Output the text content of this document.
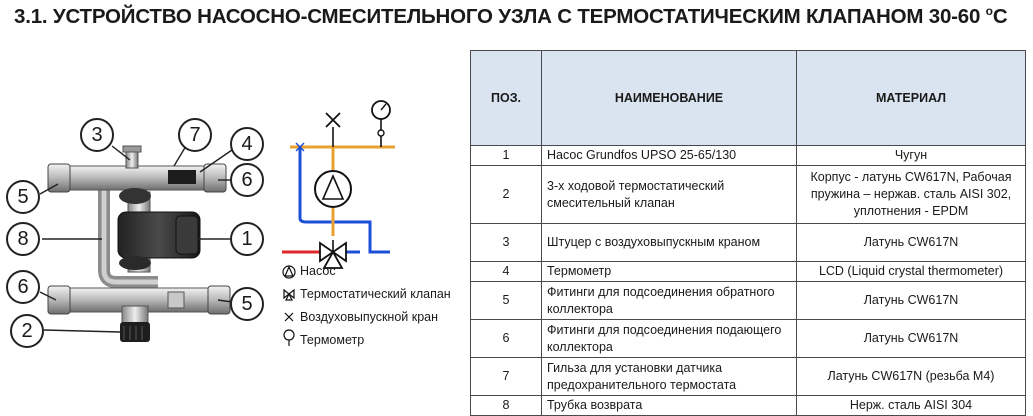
3.1. УСТРОЙСТВО НАСОСНО-СМЕСИТЕЛЬНОГО УЗЛА С ТЕРМОСТАТИЧЕСКИМ КЛАПАНОМ 30-60 $^о$С
3	7	4
5
6
8	1
6
5
2
Насос
Термостатический клапан
Воздуховыпускной кран
Термометр
ПОЗ.	НАИМЕНОВАНИЕ	МАТЕРИАЛ
1	Насос Grundfos UPSO 25-65/130	Чугун
2	3-х ходовой термостатический смесительный клапан	Корпус - латунь CW617N, Рабочая пружина – нержав. сталь AISI 302, уплотнения - EPDM
3	Штуцер с воздуховыпускным краном	Латунь CW617N
4	Термометр	LCD (Liquid crystal thermometer)
5	Фитинги для подсоединения обратного коллектора	Латунь CW617N
6	Фитинги для подсоединения подающего коллектора	Латунь CW617N
7	Гильза для установки датчика предохранительного термостата	Латунь CW617N (резьба М4)
8	Трубка возврата	Нерж. сталь AISI 304
